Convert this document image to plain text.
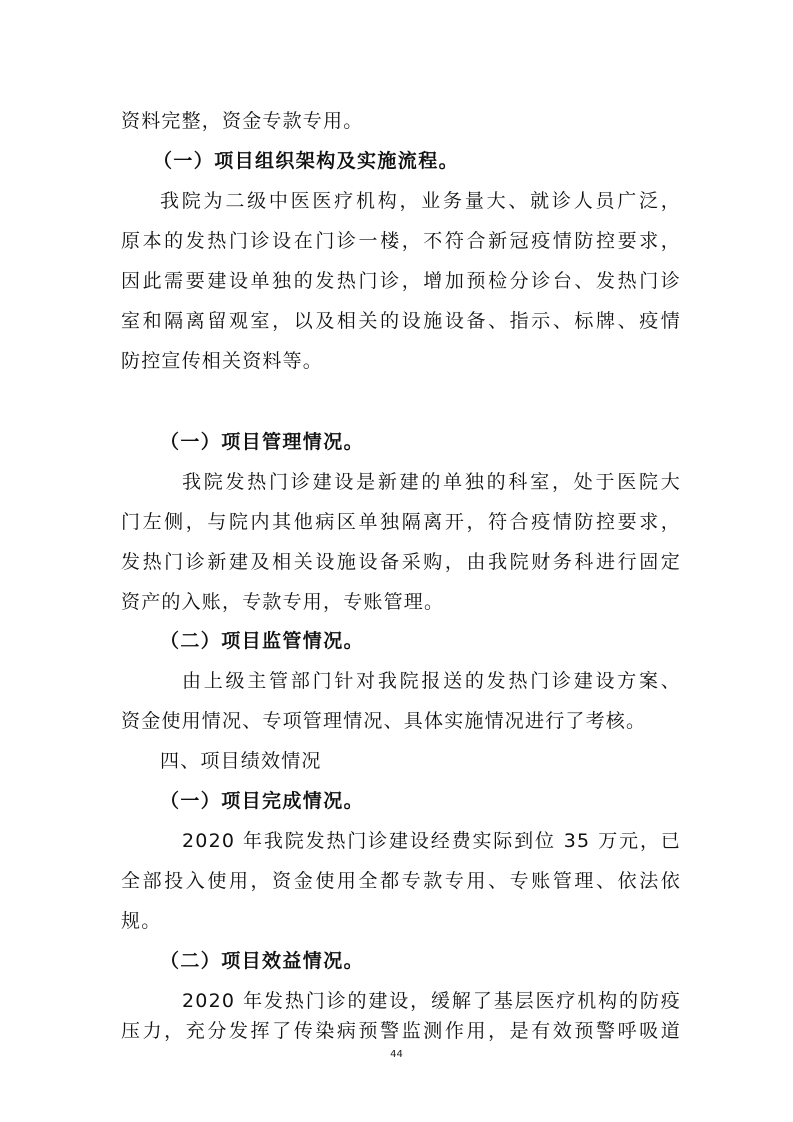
资料完整，资金专款专用。
（一）项目组织架构及实施流程。
我院为二级中医医疗机构，业务量大、就诊人员广泛，
原本的发热门诊设在门诊一楼，不符合新冠疫情防控要求，
因此需要建设单独的发热门诊，增加预检分诊台、发热门诊
室和隔离留观室，以及相关的设施设备、指示、标牌、疫情
防控宣传相关资料等。
（一）项目管理情况。
我院发热门诊建设是新建的单独的科室，处于医院大
门左侧，与院内其他病区单独隔离开，符合疫情防控要求，
发热门诊新建及相关设施设备采购，由我院财务科进行固定
资产的入账，专款专用，专账管理。
（二）项目监管情况。
由上级主管部门针对我院报送的发热门诊建设方案、
资金使用情况、专项管理情况、具体实施情况进行了考核。
四、项目绩效情况
（一）项目完成情况。
2020 年我院发热门诊建设经费实际到位 35 万元，已
全部投入使用，资金使用全都专款专用、专账管理、依法依
规。
（二）项目效益情况。
2020 年发热门诊的建设，缓解了基层医疗机构的防疫
压力，充分发挥了传染病预警监测作用，是有效预警呼吸道
44
